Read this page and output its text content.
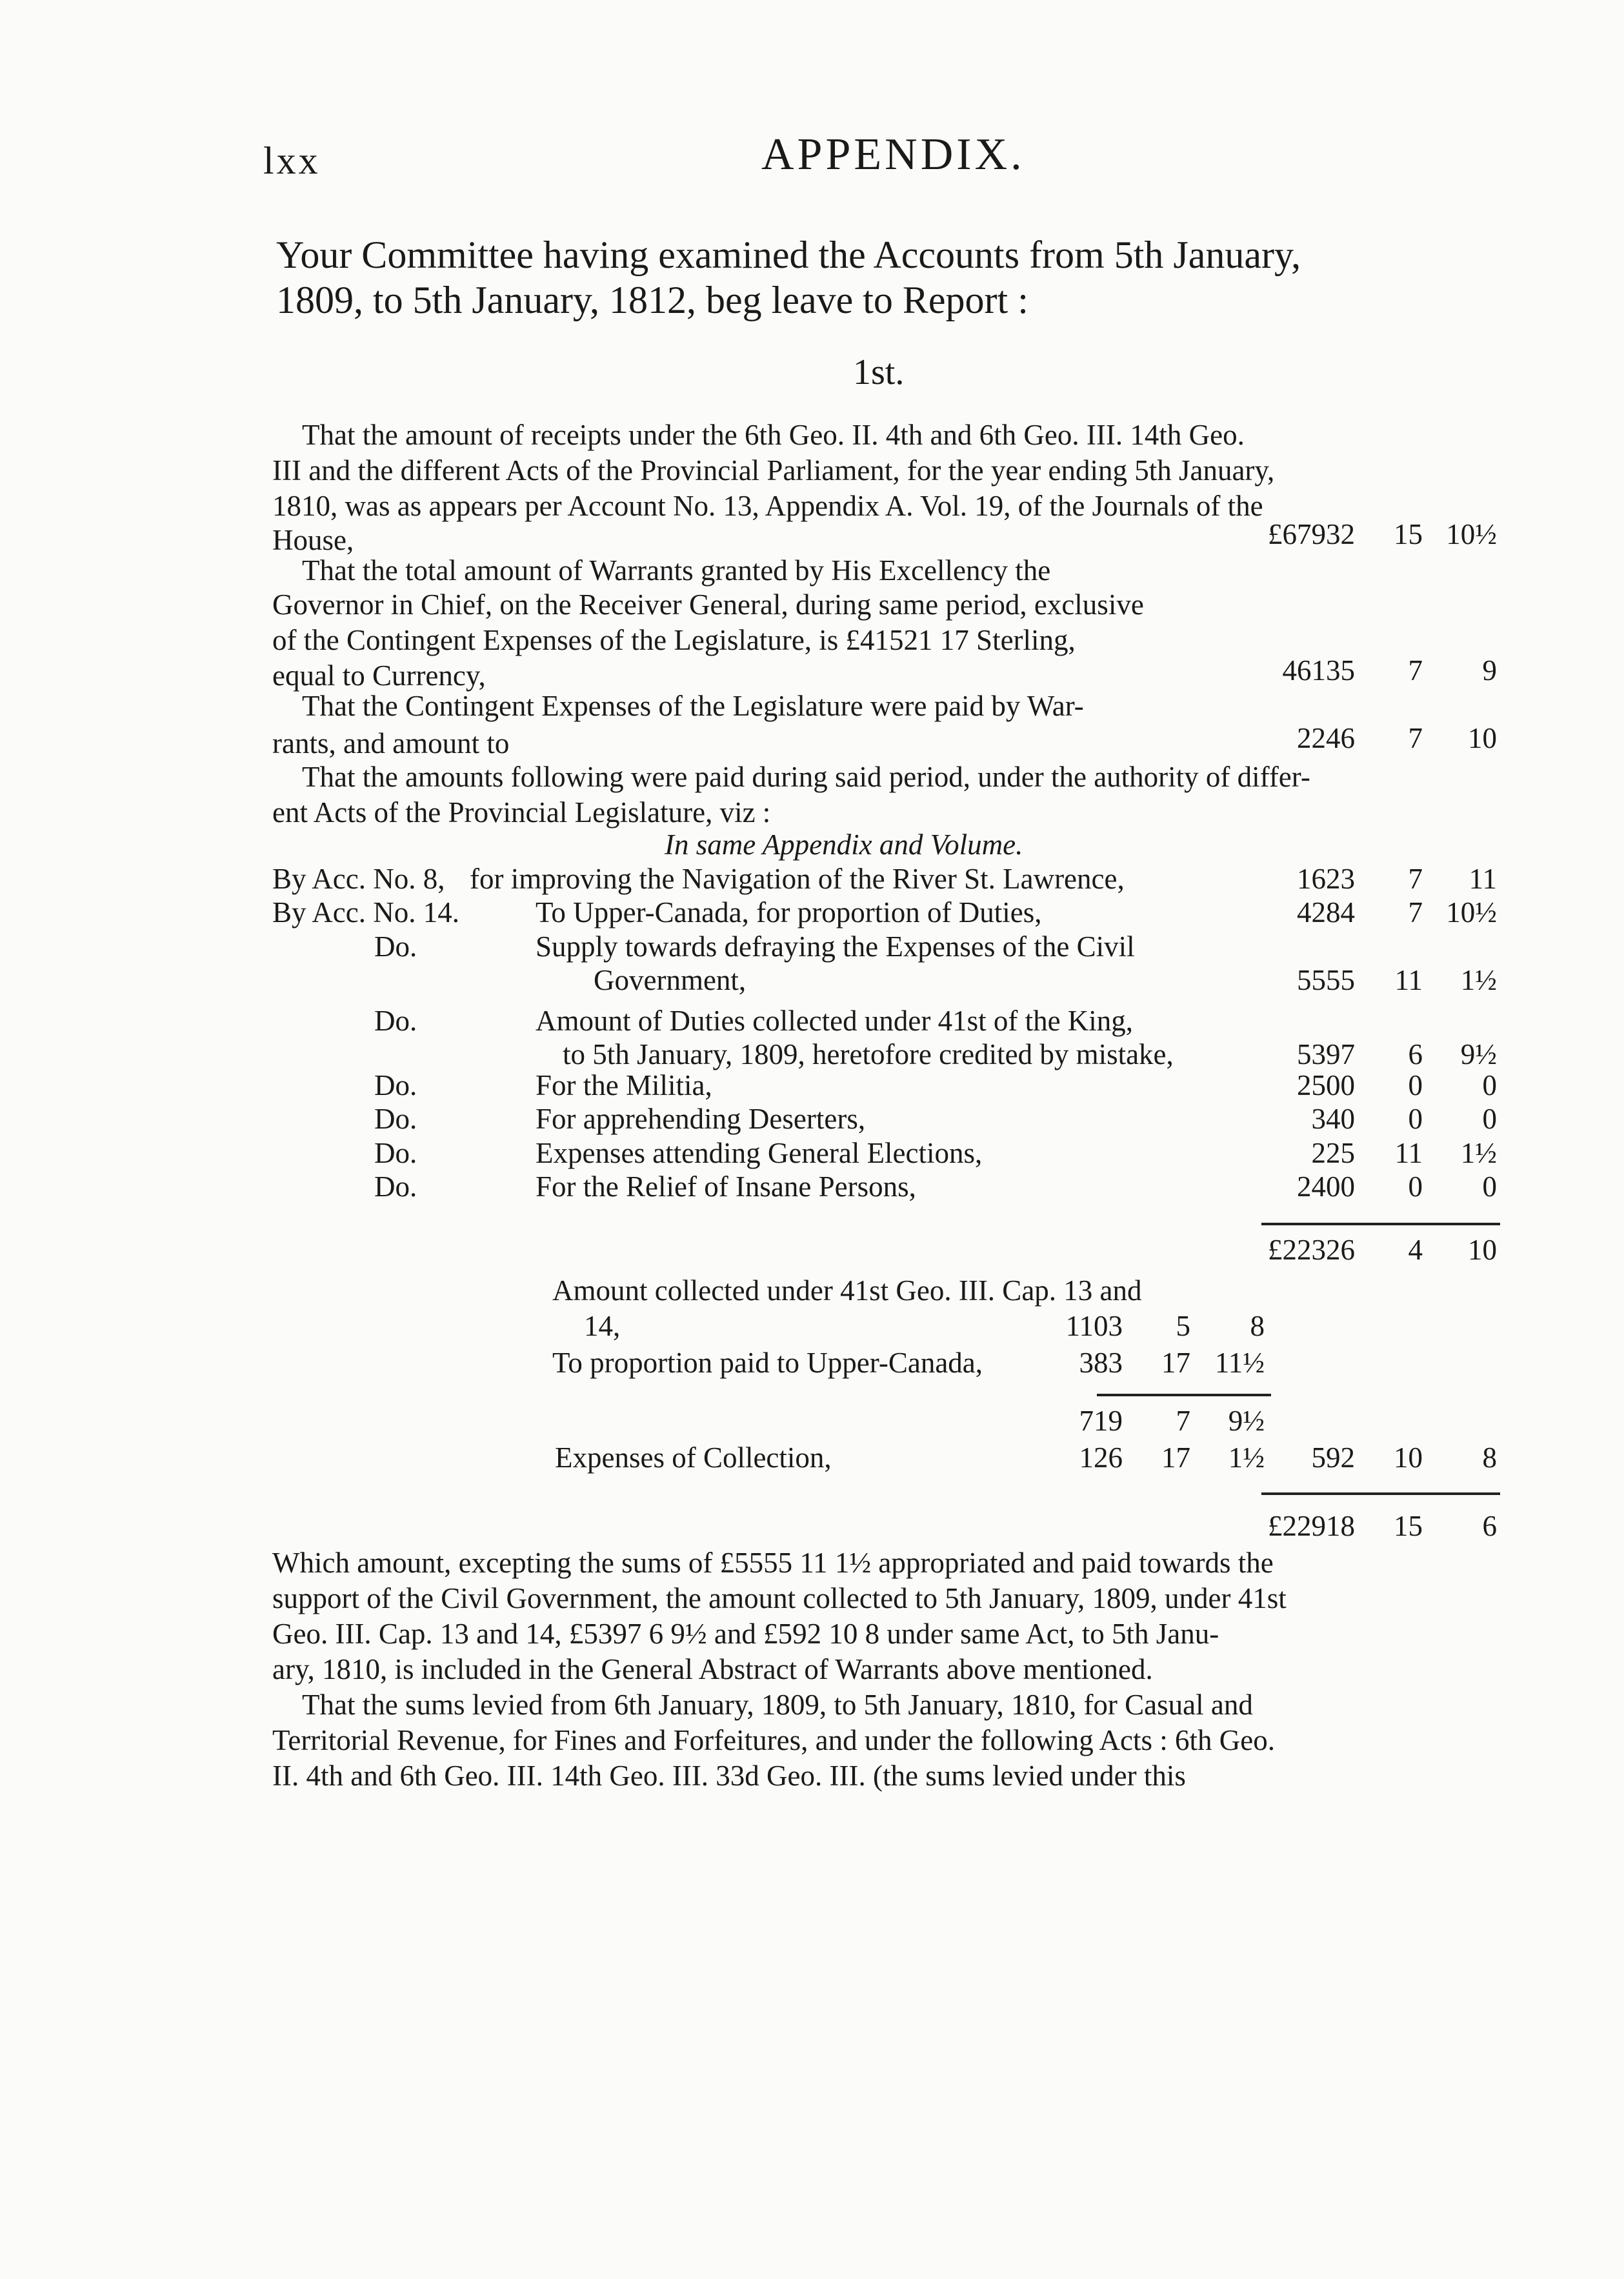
lxx	APPENDIX.
Your Committee having examined the Accounts from 5th January,
1809, to 5th January, 1812, beg leave to Report :
1st.
That the amount of receipts under the 6th Geo. II. 4th and 6th Geo. III. 14th Geo.
III and the different Acts of the Provincial Parliament, for the year ending 5th January,
1810, was as appears per Account No. 13, Appendix A. Vol. 19, of the Journals of the
House,	£67932 15 10½
That the total amount of Warrants granted by His Excellency the
Governor in Chief, on the Receiver General, during same period, exclusive
of the Contingent Expenses of the Legislature, is £41521 17 Sterling,
equal to Currency,	46135 7 9
That the Contingent Expenses of the Legislature were paid by War-
rants, and amount to	2246 7 10
That the amounts following were paid during said period, under the authority of differ-
ent Acts of the Provincial Legislature, viz :
In same Appendix and Volume.
By Acc. No. 8, for improving the Navigation of the River St. Lawrence,	1623 7 11
By Acc. No. 14.	To Upper-Canada, for proportion of Duties,	4284 7 10½
Do.	Supply towards defraying the Expenses of the Civil
Government,	5555 11 1½
Do.	Amount of Duties collected under 41st of the King,
to 5th January, 1809, heretofore credited by mistake,	5397 6 9½
Do.	For the Militia,	2500 0 0
Do.	For apprehending Deserters,	340 0 0
Do.	Expenses attending General Elections,	225 11 1½
Do.	For the Relief of Insane Persons,	2400 0 0
£22326 4 10
Amount collected under 41st Geo. III. Cap. 13 and
14,	1103 5 8
To proportion paid to Upper-Canada,	383 17 11½
719 7 9½
Expenses of Collection,	126 17 1½ 592 10 8
£22918 15 6
Which amount, excepting the sums of £5555 11 1½ appropriated and paid towards the
support of the Civil Government, the amount collected to 5th January, 1809, under 41st
Geo. III. Cap. 13 and 14, £5397 6 9½ and £592 10 8 under same Act, to 5th Janu-
ary, 1810, is included in the General Abstract of Warrants above mentioned.
That the sums levied from 6th January, 1809, to 5th January, 1810, for Casual and
Territorial Revenue, for Fines and Forfeitures, and under the following Acts : 6th Geo.
II. 4th and 6th Geo. III. 14th Geo. III. 33d Geo. III. (the sums levied under this
